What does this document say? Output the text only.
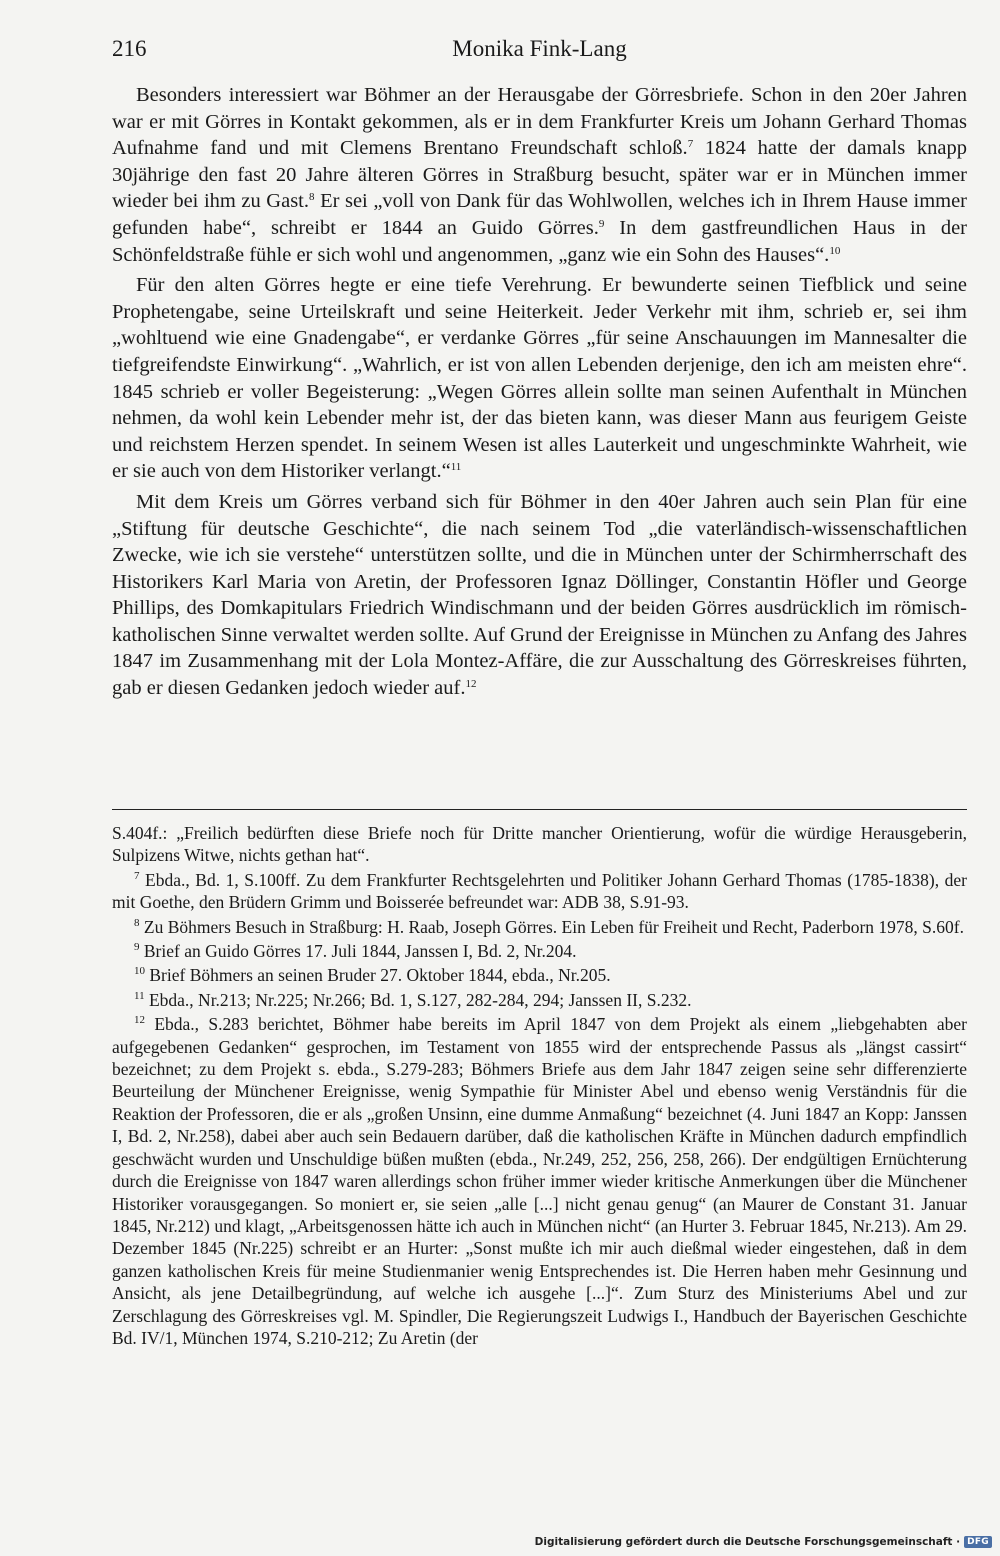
216	Monika Fink-Lang

Besonders interessiert war Böhmer an der Herausgabe der Görresbriefe. Schon in den 20er Jahren war er mit Görres in Kontakt gekommen, als er in dem Frankfurter Kreis um Johann Gerhard Thomas Aufnahme fand und mit Clemens Brentano Freundschaft schloß.$^7$ 1824 hatte der damals knapp 30jährige den fast 20 Jahre älteren Görres in Straßburg besucht, später war er in München immer wieder bei ihm zu Gast.$^8$ Er sei „voll von Dank für das Wohlwollen, welches ich in Ihrem Hause immer gefunden habe“, schreibt er 1844 an Guido Görres.$^9$ In dem gastfreundlichen Haus in der Schönfeldstraße fühle er sich wohl und angenommen, „ganz wie ein Sohn des Hauses“.$^{10}$

Für den alten Görres hegte er eine tiefe Verehrung. Er bewunderte seinen Tiefblick und seine Prophetengabe, seine Urteilskraft und seine Heiterkeit. Jeder Verkehr mit ihm, schrieb er, sei ihm „wohltuend wie eine Gnadengabe“, er verdanke Görres „für seine Anschauungen im Mannesalter die tiefgreifendste Einwirkung“. „Wahrlich, er ist von allen Lebenden derjenige, den ich am meisten ehre“. 1845 schrieb er voller Begeisterung: „Wegen Görres allein sollte man seinen Aufenthalt in München nehmen, da wohl kein Lebender mehr ist, der das bieten kann, was dieser Mann aus feurigem Geiste und reichstem Herzen spendet. In seinem Wesen ist alles Lauterkeit und ungeschminkte Wahrheit, wie er sie auch von dem Historiker verlangt.“$^{11}$

Mit dem Kreis um Görres verband sich für Böhmer in den 40er Jahren auch sein Plan für eine „Stiftung für deutsche Geschichte“, die nach seinem Tod „die vaterländisch-wissenschaftlichen Zwecke, wie ich sie verstehe“ unterstützen sollte, und die in München unter der Schirmherrschaft des Historikers Karl Maria von Aretin, der Professoren Ignaz Döllinger, Constantin Höfler und George Phillips, des Domkapitulars Friedrich Windischmann und der beiden Görres ausdrücklich im römisch-katholischen Sinne verwaltet werden sollte. Auf Grund der Ereignisse in München zu Anfang des Jahres 1847 im Zusammenhang mit der Lola Montez-Affäre, die zur Ausschaltung des Görreskreises führten, gab er diesen Gedanken jedoch wieder auf.$^{12}$

S.404f.: „Freilich bedürften diese Briefe noch für Dritte mancher Orientierung, wofür die würdige Herausgeberin, Sulpizens Witwe, nichts gethan hat“.

$^7$ Ebda., Bd. 1, S.100ff. Zu dem Frankfurter Rechtsgelehrten und Politiker Johann Gerhard Thomas (1785-1838), der mit Goethe, den Brüdern Grimm und Boisserée befreundet war: ADB 38, S.91-93.

$^8$ Zu Böhmers Besuch in Straßburg: H. Raab, Joseph Görres. Ein Leben für Freiheit und Recht, Paderborn 1978, S.60f.

$^9$ Brief an Guido Görres 17. Juli 1844, Janssen I, Bd. 2, Nr.204.

$^{10}$ Brief Böhmers an seinen Bruder 27. Oktober 1844, ebda., Nr.205.

$^{11}$ Ebda., Nr.213; Nr.225; Nr.266; Bd. 1, S.127, 282-284, 294; Janssen II, S.232.

$^{12}$ Ebda., S.283 berichtet, Böhmer habe bereits im April 1847 von dem Projekt als einem „liebgehabten aber aufgegebenen Gedanken“ gesprochen, im Testament von 1855 wird der entsprechende Passus als „längst cassirt“ bezeichnet; zu dem Projekt s. ebda., S.279-283; Böhmers Briefe aus dem Jahr 1847 zeigen seine sehr differenzierte Beurteilung der Münchener Ereignisse, wenig Sympathie für Minister Abel und ebenso wenig Verständnis für die Reaktion der Professoren, die er als „großen Unsinn, eine dumme Anmaßung“ bezeichnet (4. Juni 1847 an Kopp: Janssen I, Bd. 2, Nr.258), dabei aber auch sein Bedauern darüber, daß die katholischen Kräfte in München dadurch empfindlich geschwächt wurden und Unschuldige büßen mußten (ebda., Nr.249, 252, 256, 258, 266). Der endgültigen Ernüchterung durch die Ereignisse von 1847 waren allerdings schon früher immer wieder kritische Anmerkungen über die Münchener Historiker vorausgegangen. So moniert er, sie seien „alle [...] nicht genau genug“ (an Maurer de Constant 31. Januar 1845, Nr.212) und klagt, „Arbeitsgenossen hätte ich auch in München nicht“ (an Hurter 3. Februar 1845, Nr.213). Am 29. Dezember 1845 (Nr.225) schreibt er an Hurter: „Sonst mußte ich mir auch dießmal wieder eingestehen, daß in dem ganzen katholischen Kreis für meine Studienmanier wenig Entsprechendes ist. Die Herren haben mehr Gesinnung und Ansicht, als jene Detailbegründung, auf welche ich ausgehe [...]“. Zum Sturz des Ministeriums Abel und zur Zerschlagung des Görreskreises vgl. M. Spindler, Die Regierungszeit Ludwigs I., Handbuch der Bayerischen Geschichte Bd. IV/1, München 1974, S.210-212; Zu Aretin (der

Digitalisierung gefördert durch die Deutsche Forschungsgemeinschaft · DFG
